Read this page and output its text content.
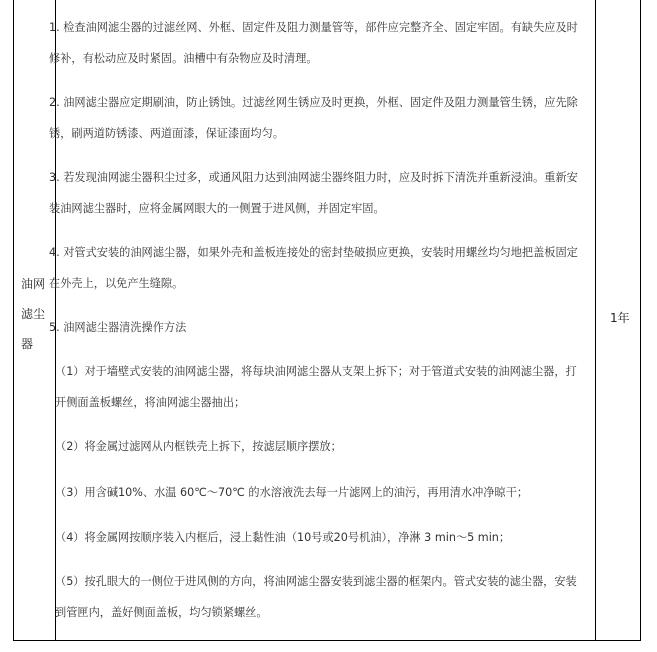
油网
滤尘
器
1年

1. 检查油网滤尘器的过滤丝网、外框、固定件及阻力测量管等，部件应完整齐全、固定牢固。有缺失应及时修补，有松动应及时紧固。油槽中有杂物应及时清理。

2. 油网滤尘器应定期刷油，防止锈蚀。过滤丝网生锈应及时更换，外框、固定件及阻力测量管生锈，应先除锈，刷两道防锈漆、两道面漆，保证漆面均匀。

3. 若发现油网滤尘器积尘过多，或通风阻力达到油网滤尘器终阻力时，应及时拆下清洗并重新浸油。重新安装油网滤尘器时，应将金属网眼大的一侧置于进风侧，并固定牢固。

4. 对管式安装的油网滤尘器，如果外壳和盖板连接处的密封垫破损应更换，安装时用螺丝均匀地把盖板固定在外壳上，以免产生缝隙。

5. 油网滤尘器清洗操作方法

（1）对于墙壁式安装的油网滤尘器，将每块油网滤尘器从支架上拆下；对于管道式安装的油网滤尘器，打开侧面盖板螺丝，将油网滤尘器抽出；

（2）将金属过滤网从内框铁壳上拆下，按滤层顺序摆放；

（3）用含碱10%、水温 60℃～70℃ 的水溶液洗去每一片滤网上的油污，再用清水冲净晾干；

（4）将金属网按顺序装入内框后，浸上黏性油（10号或20号机油），净淋 3 min～5 min；

（5）按孔眼大的一侧位于进风侧的方向，将油网滤尘器安装到滤尘器的框架内。管式安装的滤尘器，安装到管匣内，盖好侧面盖板，均匀锁紧螺丝。
